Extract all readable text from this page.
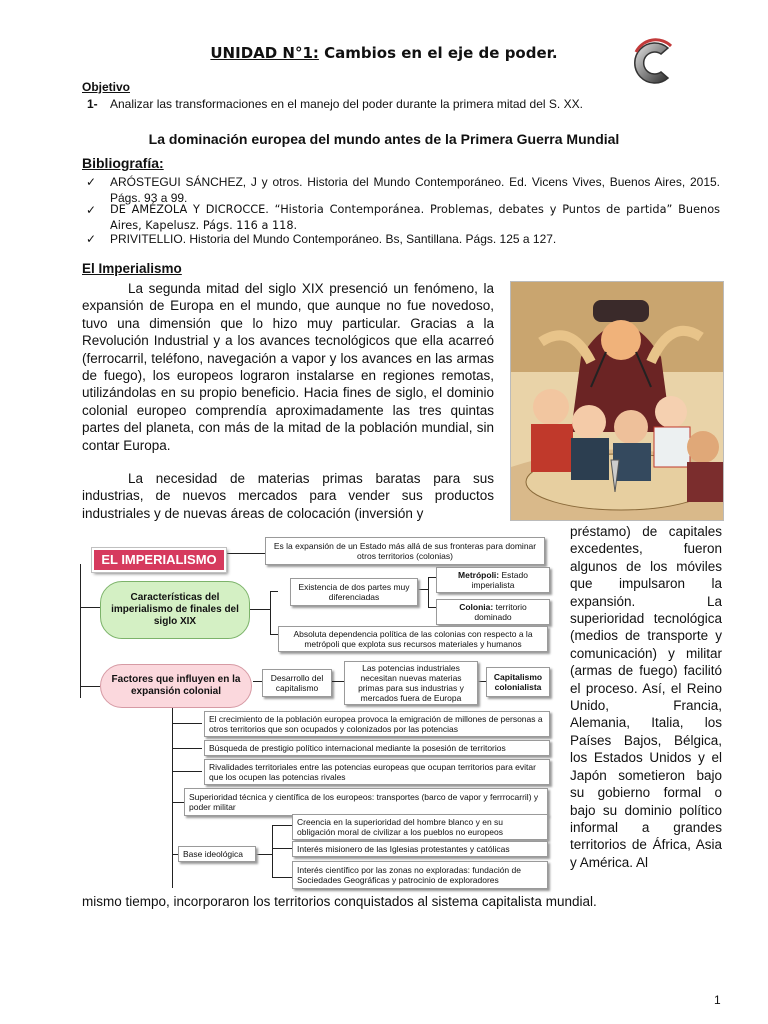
UNIDAD N°1: Cambios en el eje de poder.
Objetivo
1- Analizar las transformaciones en el manejo del poder durante la primera mitad del S. XX.
La dominación europea del mundo antes de la Primera Guerra Mundial
Bibliografía:
✓	ARÓSTEGUI SÁNCHEZ, J y otros. Historia del Mundo Contemporáneo. Ed. Vicens Vives, Buenos Aires, 2015. Págs. 93 a 99.
✓	DE AMÉZOLA Y DICROCCE. “Historia Contemporánea. Problemas, debates y Puntos de partida” Buenos Aires, Kapelusz. Págs. 116 a 118.
✓	PRIVITELLIO. Historia del Mundo Contemporáneo. Bs, Santillana. Págs. 125 a 127.
El Imperialismo
La segunda mitad del siglo XIX presenció un fenómeno, la expansión de Europa en el mundo, que aunque no fue novedoso, tuvo una dimensión que lo hizo muy particular. Gracias a la Revolución Industrial y a los avances tecnológicos que ella acarreó (ferrocarril, teléfono, navegación a vapor y los avances en las armas de fuego), los europeos lograron instalarse en regiones remotas, utilizándolas en su propio beneficio. Hacia fines de siglo, el dominio colonial europeo comprendía aproximadamente las tres quintas partes del planeta, con más de la mitad de la población mundial, sin contar Europa.
La necesidad de materias primas baratas para sus industrias, de nuevos mercados para vender sus productos industriales y de nuevas áreas de colocación (inversión y
préstamo) de capitales excedentes, fueron algunos de los móviles que impulsaron la expansión. La superioridad tecnológica (medios de transporte y comunicación) y militar (armas de fuego) facilitó el proceso. Así, el Reino Unido, Francia, Alemania, Italia, los Países Bajos, Bélgica, los Estados Unidos y el Japón sometieron bajo su gobierno formal o bajo su dominio político informal a grandes territorios de África, Asia y América. Al
mismo tiempo, incorporaron los territorios conquistados al sistema capitalista mundial.
EL IMPERIALISMO
Es la expansión de un Estado más allá de sus fronteras para dominar otros territorios (colonias)
Características del imperialismo de finales del siglo XIX
Existencia de dos partes muy diferenciadas
Metrópoli: Estado imperialista
Colonia: territorio dominado
Absoluta dependencia política de las colonias con respecto a la metrópoli que explota sus recursos materiales y humanos
Factores que influyen en la expansión colonial
Desarrollo del capitalismo
Las potencias industriales necesitan nuevas materias primas para sus industrias y mercados fuera de Europa
Capitalismo colonialista
El crecimiento de la población europea provoca la emigración de millones de personas a otros territorios que son ocupados y colonizados por las potencias
Búsqueda de prestigio político internacional mediante la posesión de territorios
Rivalidades territoriales entre las potencias europeas que ocupan territorios para evitar que los ocupen las potencias rivales
Superioridad técnica y científica de los europeos: transportes (barco de vapor y ferrrocarril) y poder militar
Base ideológica
Creencia en la superioridad del hombre blanco y en su obligación moral de civilizar a los pueblos no europeos
Interés misionero de las Iglesias protestantes y católicas
Interés científico por las zonas no exploradas: fundación de Sociedades Geográficas y patrocinio de exploradores
1
